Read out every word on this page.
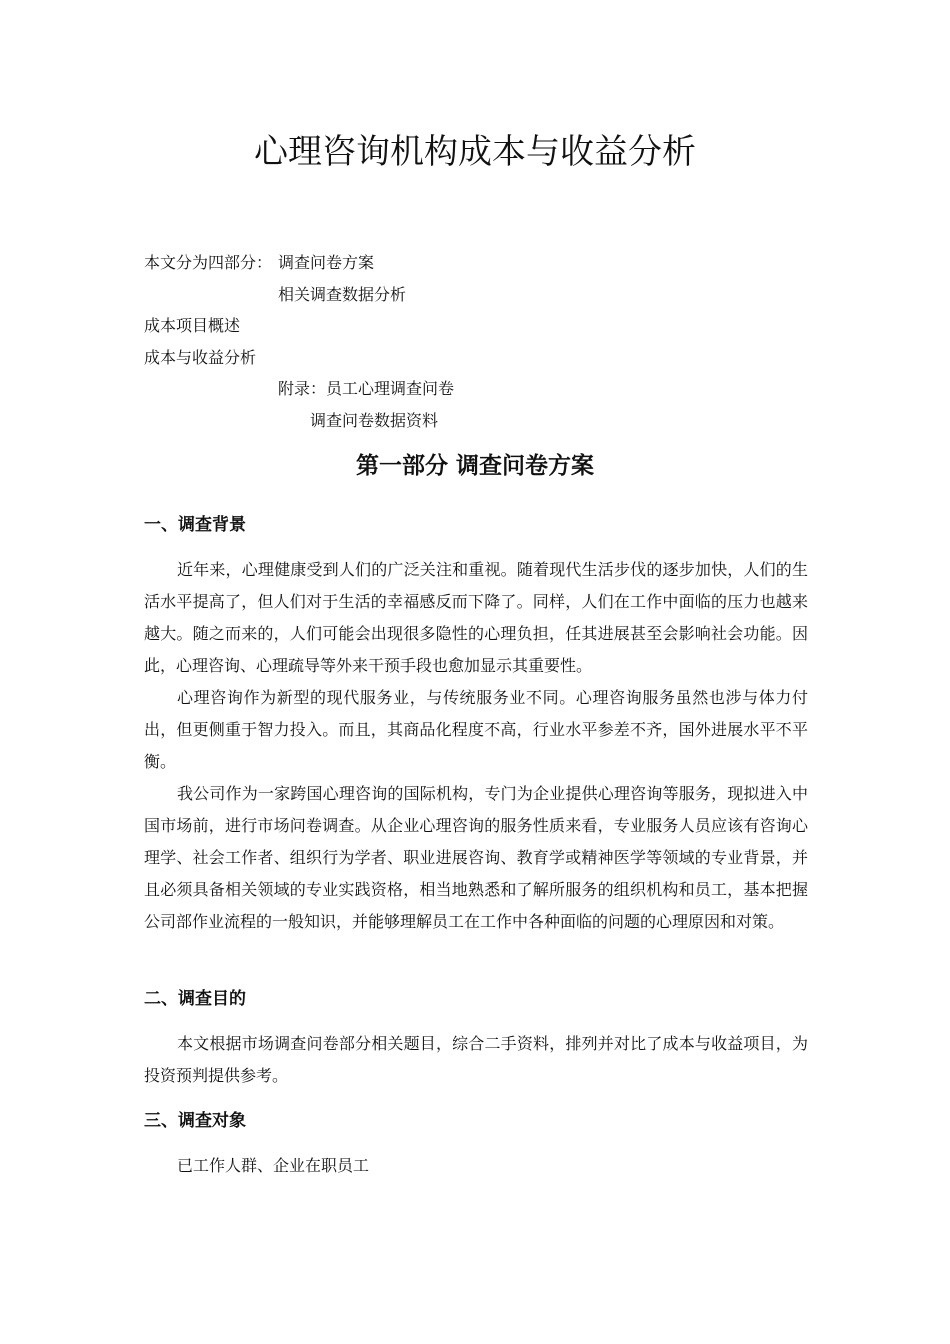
心理咨询机构成本与收益分析

本文分为四部分： 调查问卷方案

相关调查数据分析

成本项目概述

成本与收益分析

附录：员工心理调查问卷

调查问卷数据资料

第一部分 调查问卷方案
一、调查背景

近年来，心理健康受到人们的广泛关注和重视。随着现代生活步伐的逐步加快，人们的生活水平提高了，但人们对于生活的幸福感反而下降了。同样，人们在工作中面临的压力也越来越大。随之而来的，人们可能会出现很多隐性的心理负担，任其进展甚至会影响社会功能。因此，心理咨询、心理疏导等外来干预手段也愈加显示其重要性。

心理咨询作为新型的现代服务业，与传统服务业不同。心理咨询服务虽然也涉与体力付出，但更侧重于智力投入。而且，其商品化程度不高，行业水平参差不齐，国外进展水平不平衡。

我公司作为一家跨国心理咨询的国际机构，专门为企业提供心理咨询等服务，现拟进入中国市场前，进行市场问卷调查。从企业心理咨询的服务性质来看，专业服务人员应该有咨询心理学、社会工作者、组织行为学者、职业进展咨询、教育学或精神医学等领域的专业背景，并且必须具备相关领域的专业实践资格，相当地熟悉和了解所服务的组织机构和员工，基本把握公司部作业流程的一般知识，并能够理解员工在工作中各种面临的问题的心理原因和对策。

二、调查目的

本文根据市场调查问卷部分相关题目，综合二手资料，排列并对比了成本与收益项目，为投资预判提供参考。

三、调查对象

已工作人群、企业在职员工
